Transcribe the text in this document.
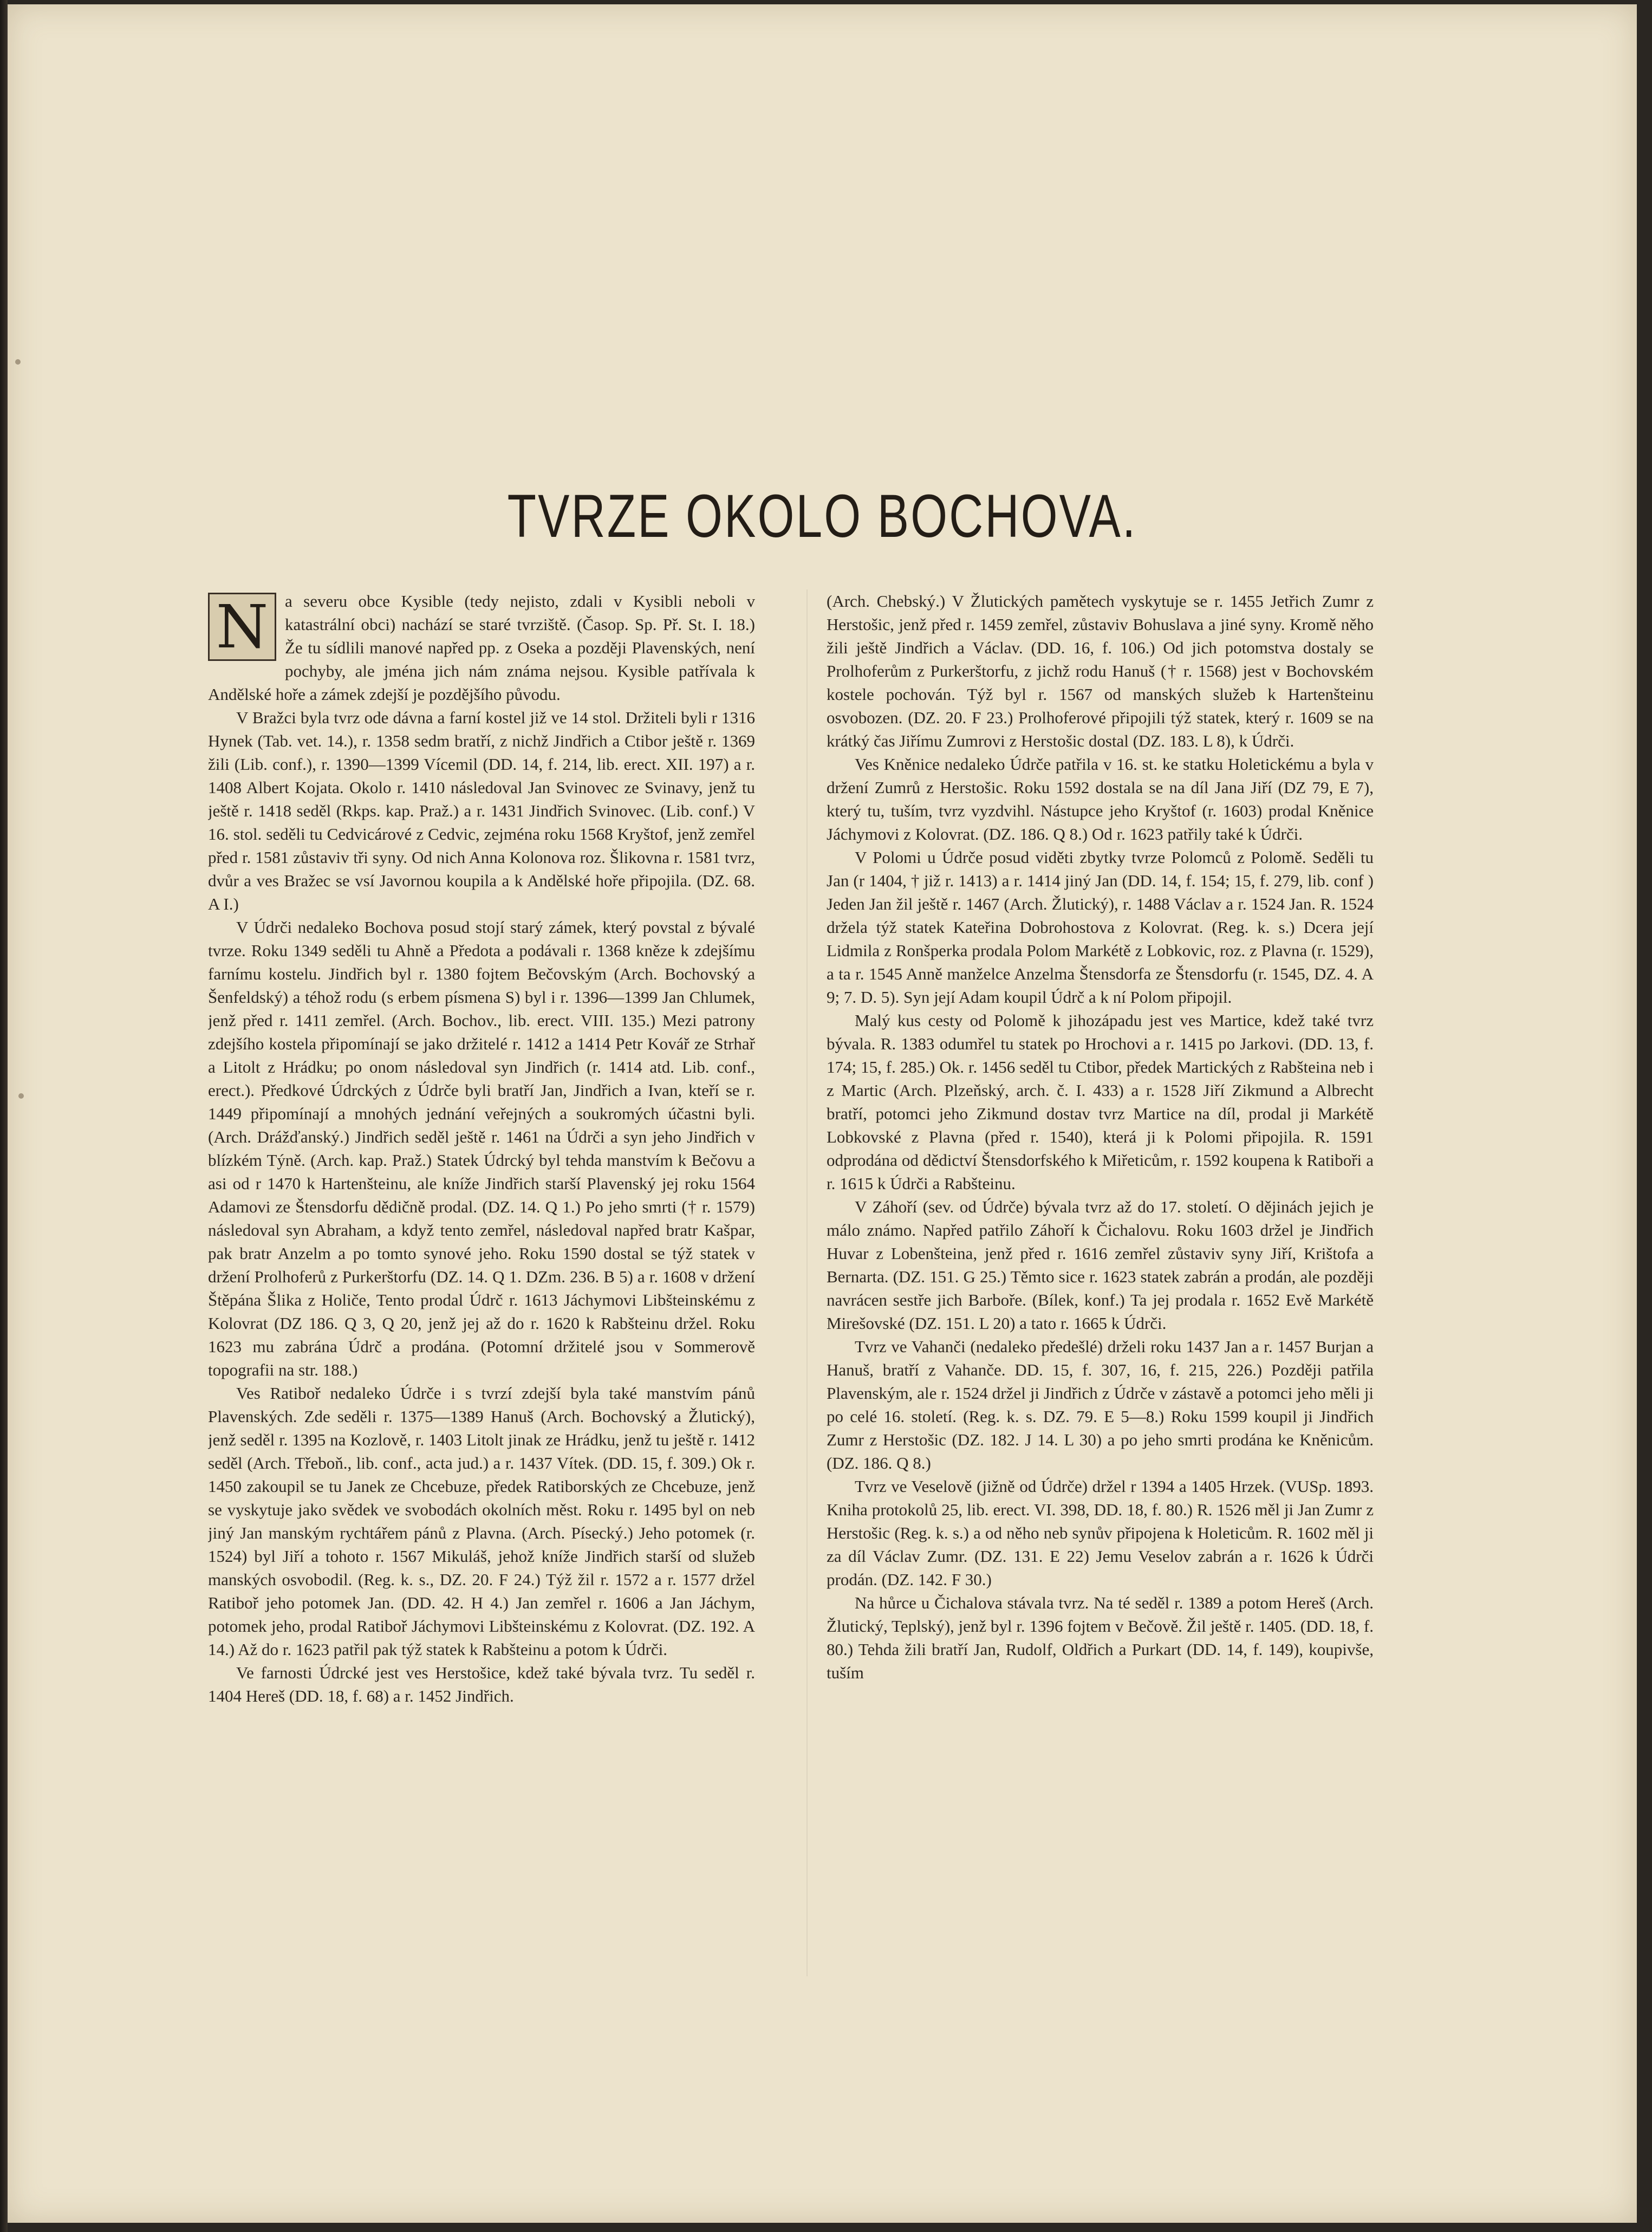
TVRZE OKOLO BOCHOVA.

N a severu obce Kysible (tedy nejisto, zdali v Kysibli neboli v katastrální obci) nachází se staré tvrziště. (Časop. Sp. Př. St. I. 18.) Že tu sídlili manové napřed pp. z Oseka a později Plavenských, není pochyby, ale jména jich nám známa nejsou. Kysible patřívala k Andělské hoře a zámek zdejší je pozdějšího původu.

V Bražci byla tvrz ode dávna a farní kostel již ve 14 stol. Držiteli byli r 1316 Hynek (Tab. vet. 14.), r. 1358 sedm bratří, z nichž Jindřich a Ctibor ještě r. 1369 žili (Lib. conf.), r. 1390—1399 Vícemil (DD. 14, f. 214, lib. erect. XII. 197) a r. 1408 Albert Kojata. Okolo r. 1410 následoval Jan Svinovec ze Svinavy, jenž tu ještě r. 1418 seděl (Rkps. kap. Praž.) a r. 1431 Jindřich Svinovec. (Lib. conf.) V 16. stol. seděli tu Cedvicárové z Cedvic, zejména roku 1568 Kryštof, jenž zemřel před r. 1581 zůstaviv tři syny. Od nich Anna Kolonova roz. Šlikovna r. 1581 tvrz, dvůr a ves Bražec se vsí Javornou koupila a k Andělské hoře připojila. (DZ. 68. A I.)

V Údrči nedaleko Bochova posud stojí starý zámek, který povstal z bývalé tvrze. Roku 1349 seděli tu Ahně a Předota a podávali r. 1368 kněze k zdejšímu farnímu kostelu. Jindřich byl r. 1380 fojtem Bečovským (Arch. Bochovský a Šenfeldský) a téhož rodu (s erbem písmena S) byl i r. 1396—1399 Jan Chlumek, jenž před r. 1411 zemřel. (Arch. Bochov., lib. erect. VIII. 135.) Mezi patrony zdejšího kostela připomínají se jako držitelé r. 1412 a 1414 Petr Kovář ze Strhař a Litolt z Hrádku; po onom následoval syn Jindřich (r. 1414 atd. Lib. conf., erect.). Předkové Údrckých z Údrče byli bratří Jan, Jindřich a Ivan, kteří se r. 1449 připomínají a mnohých jednání veřejných a soukromých účastni byli. (Arch. Drážďanský.) Jindřich seděl ještě r. 1461 na Údrči a syn jeho Jindřich v blízkém Týně. (Arch. kap. Praž.) Statek Údrcký byl tehda manstvím k Bečovu a asi od r 1470 k Hartenšteinu, ale kníže Jindřich starší Plavenský jej roku 1564 Adamovi ze Štensdorfu dědičně prodal. (DZ. 14. Q 1.) Po jeho smrti († r. 1579) následoval syn Abraham, a když tento zemřel, následoval napřed bratr Kašpar, pak bratr Anzelm a po tomto synové jeho. Roku 1590 dostal se týž statek v držení Prolhoferů z Purkerštorfu (DZ. 14. Q 1. DZm. 236. B 5) a r. 1608 v držení Štěpána Šlika z Holiče, Tento prodal Údrč r. 1613 Jáchymovi Libšteinskému z Kolovrat (DZ 186. Q 3, Q 20, jenž jej až do r. 1620 k Rabšteinu držel. Roku 1623 mu zabrána Údrč a prodána. (Potomní držitelé jsou v Sommerově topografii na str. 188.)

Ves Ratiboř nedaleko Údrče i s tvrzí zdejší byla také manstvím pánů Plavenských. Zde seděli r. 1375—1389 Hanuš (Arch. Bochovský a Žlutický), jenž seděl r. 1395 na Kozlově, r. 1403 Litolt jinak ze Hrádku, jenž tu ještě r. 1412 seděl (Arch. Třeboň., lib. conf., acta jud.) a r. 1437 Vítek. (DD. 15, f. 309.) Ok r. 1450 zakoupil se tu Janek ze Chcebuze, předek Ratiborských ze Chcebuze, jenž se vyskytuje jako svědek ve svobodách okolních měst. Roku r. 1495 byl on neb jiný Jan manským rychtářem pánů z Plavna. (Arch. Písecký.) Jeho potomek (r. 1524) byl Jiří a tohoto r. 1567 Mikuláš, jehož kníže Jindřich starší od služeb manských osvobodil. (Reg. k. s., DZ. 20. F 24.) Týž žil r. 1572 a r. 1577 držel Ratiboř jeho potomek Jan. (DD. 42. H 4.) Jan zemřel r. 1606 a Jan Jáchym, potomek jeho, prodal Ratiboř Jáchymovi Libšteinskému z Kolovrat. (DZ. 192. A 14.) Až do r. 1623 patřil pak týž statek k Rabšteinu a potom k Údrči.

Ve farnosti Údrcké jest ves Herstošice, kdež také bývala tvrz. Tu seděl r. 1404 Hereš (DD. 18, f. 68) a r. 1452 Jindřich.

(Arch. Chebský.) V Žlutických pamětech vyskytuje se r. 1455 Jetřich Zumr z Herstošic, jenž před r. 1459 zemřel, zůstaviv Bohuslava a jiné syny. Kromě něho žili ještě Jindřich a Václav. (DD. 16, f. 106.) Od jich potomstva dostaly se Prolhoferům z Purkerštorfu, z jichž rodu Hanuš († r. 1568) jest v Bochovském kostele pochován. Týž byl r. 1567 od manských služeb k Hartenšteinu osvobozen. (DZ. 20. F 23.) Prolhoferové připojili týž statek, který r. 1609 se na krátký čas Jiřímu Zumrovi z Herstošic dostal (DZ. 183. L 8), k Údrči.

Ves Kněnice nedaleko Údrče patřila v 16. st. ke statku Holetickému a byla v držení Zumrů z Herstošic. Roku 1592 dostala se na díl Jana Jiří (DZ 79, E 7), který tu, tuším, tvrz vyzdvihl. Nástupce jeho Kryštof (r. 1603) prodal Kněnice Jáchymovi z Kolovrat. (DZ. 186. Q 8.) Od r. 1623 patřily také k Údrči.

V Polomi u Údrče posud viděti zbytky tvrze Polomců z Polomě. Seděli tu Jan (r 1404, † již r. 1413) a r. 1414 jiný Jan (DD. 14, f. 154; 15, f. 279, lib. conf ) Jeden Jan žil ještě r. 1467 (Arch. Žlutický), r. 1488 Václav a r. 1524 Jan. R. 1524 držela týž statek Kateřina Dobrohostova z Kolovrat. (Reg. k. s.) Dcera její Lidmila z Ronšperka prodala Polom Markétě z Lobkovic, roz. z Plavna (r. 1529), a ta r. 1545 Anně manželce Anzelma Štensdorfa ze Štensdorfu (r. 1545, DZ. 4. A 9; 7. D. 5). Syn její Adam koupil Údrč a k ní Polom připojil.

Malý kus cesty od Polomě k jihozápadu jest ves Martice, kdež také tvrz bývala. R. 1383 odumřel tu statek po Hrochovi a r. 1415 po Jarkovi. (DD. 13, f. 174; 15, f. 285.) Ok. r. 1456 seděl tu Ctibor, předek Martických z Rabšteina neb i z Martic (Arch. Plzeňský, arch. č. I. 433) a r. 1528 Jiří Zikmund a Albrecht bratří, potomci jeho Zikmund dostav tvrz Martice na díl, prodal ji Markétě Lobkovské z Plavna (před r. 1540), která ji k Polomi připojila. R. 1591 odprodána od dědictví Štensdorfského k Miřeticům, r. 1592 koupena k Ratiboři a r. 1615 k Údrči a Rabšteinu.

V Záhoří (sev. od Údrče) bývala tvrz až do 17. století. O dějinách jejich je málo známo. Napřed patřilo Záhoří k Čichalovu. Roku 1603 držel je Jindřich Huvar z Lobenšteina, jenž před r. 1616 zemřel zůstaviv syny Jiří, Krištofa a Bernarta. (DZ. 151. G 25.) Těmto sice r. 1623 statek zabrán a prodán, ale později navrácen sestře jich Barboře. (Bílek, konf.) Ta jej prodala r. 1652 Evě Markétě Mirešovské (DZ. 151. L 20) a tato r. 1665 k Údrči.

Tvrz ve Vahanči (nedaleko předešlé) drželi roku 1437 Jan a r. 1457 Burjan a Hanuš, bratří z Vahanče. DD. 15, f. 307, 16, f. 215, 226.) Později patřila Plavenským, ale r. 1524 držel ji Jindřich z Údrče v zástavě a potomci jeho měli ji po celé 16. století. (Reg. k. s. DZ. 79. E 5—8.) Roku 1599 koupil ji Jindřich Zumr z Herstošic (DZ. 182. J 14. L 30) a po jeho smrti prodána ke Kněnicům. (DZ. 186. Q 8.)

Tvrz ve Veselově (jižně od Údrče) držel r 1394 a 1405 Hrzek. (VUSp. 1893. Kniha protokolů 25, lib. erect. VI. 398, DD. 18, f. 80.) R. 1526 měl ji Jan Zumr z Herstošic (Reg. k. s.) a od něho neb synův připojena k Holeticům. R. 1602 měl ji za díl Václav Zumr. (DZ. 131. E 22) Jemu Veselov zabrán a r. 1626 k Údrči prodán. (DZ. 142. F 30.)

Na hůrce u Čichalova stávala tvrz. Na té seděl r. 1389 a potom Hereš (Arch. Žlutický, Teplský), jenž byl r. 1396 fojtem v Bečově. Žil ještě r. 1405. (DD. 18, f. 80.) Tehda žili bratří Jan, Rudolf, Oldřich a Purkart (DD. 14, f. 149), koupivše, tuším
